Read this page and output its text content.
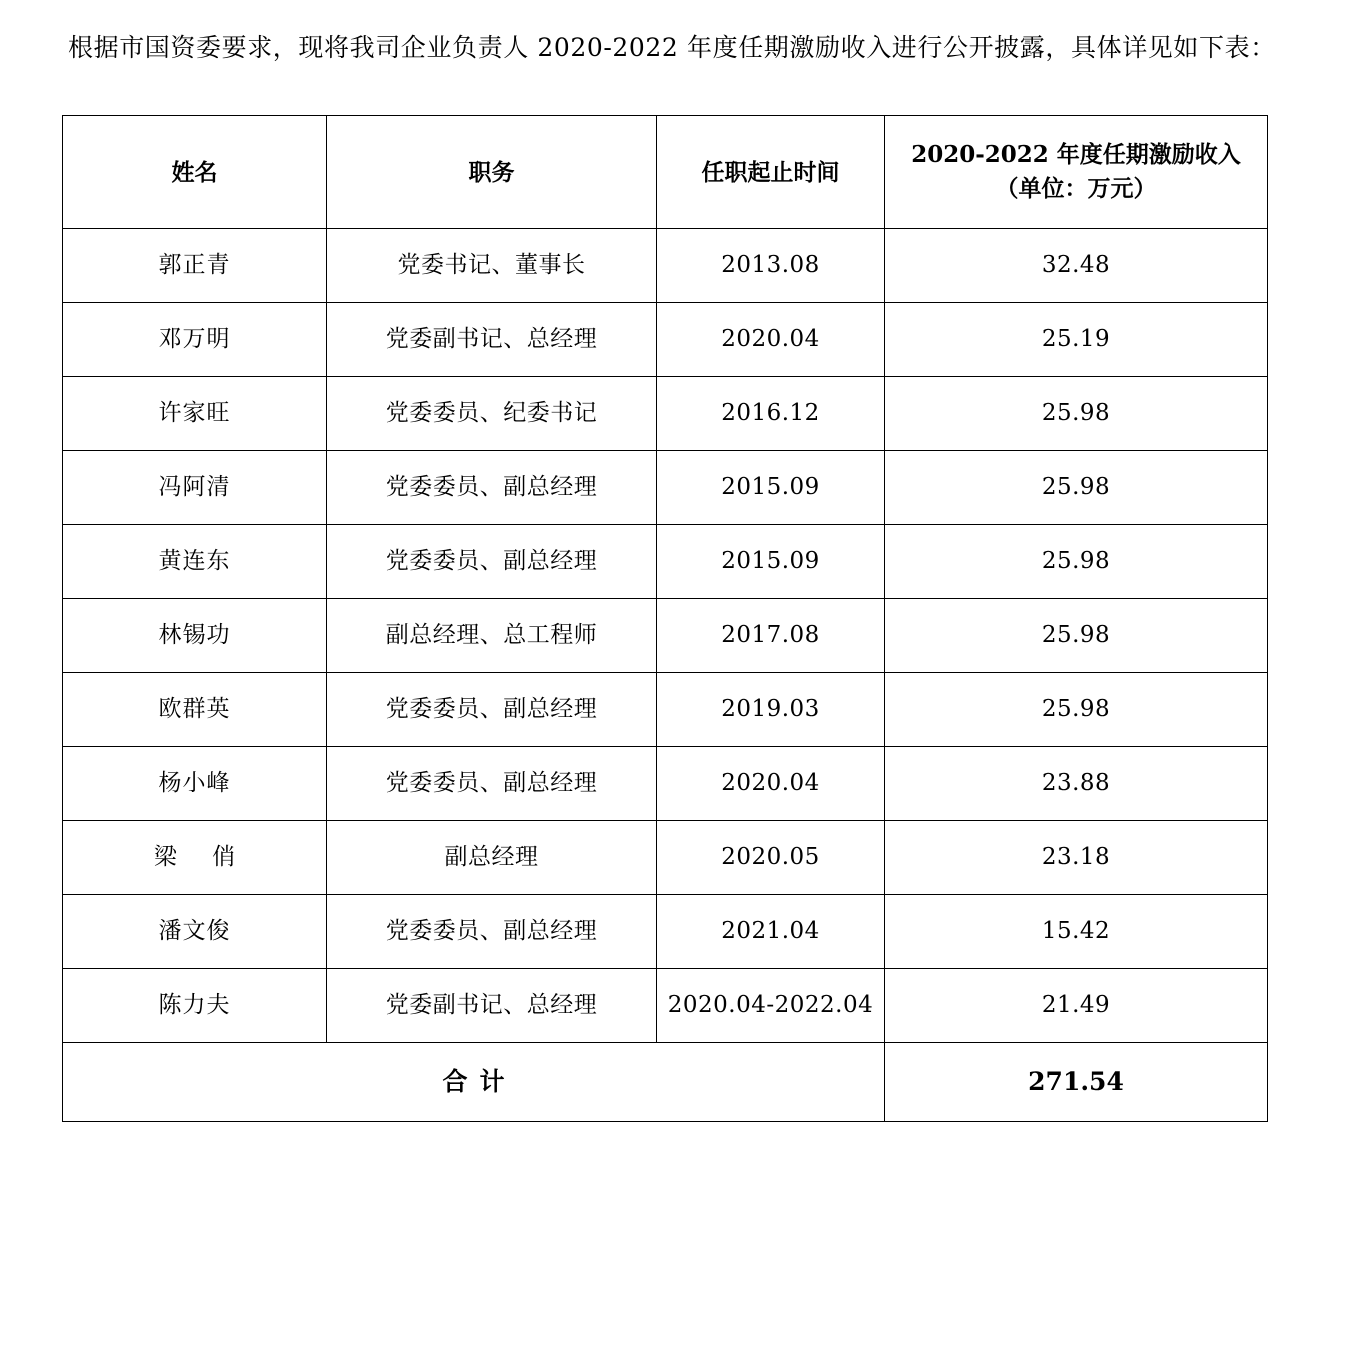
根据市国资委要求，现将我司企业负责人 2020-2022 年度任期激励收入进行公开披露，具体详见如下表：

姓名	职务	任职起止时间	2020-2022 年度任期激励收入
（单位：万元）

郭正青	党委书记、董事长	2013.08	32.48
邓万明	党委副书记、总经理	2020.04	25.19
许家旺	党委委员、纪委书记	2016.12	25.98
冯阿清	党委委员、副总经理	2015.09	25.98
黄连东	党委委员、副总经理	2015.09	25.98
林锡功	副总经理、总工程师	2017.08	25.98
欧群英	党委委员、副总经理	2019.03	25.98
杨小峰	党委委员、副总经理	2020.04	23.88
梁 俏	副总经理	2020.05	23.18
潘文俊	党委委员、副总经理	2021.04	15.42
陈力夫	党委副书记、总经理	2020.04-2022.04	21.49
合计			271.54
